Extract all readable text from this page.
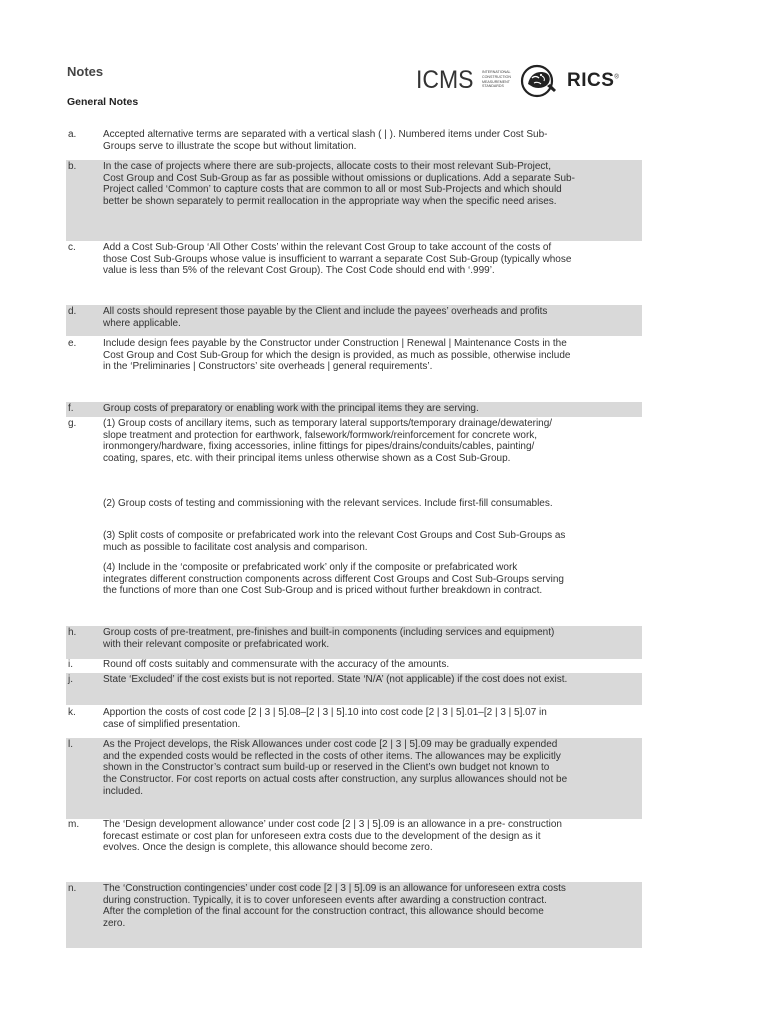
Notes
General Notes
ICMS INTERNATIONAL CONSTRUCTION MEASUREMENT STANDARDS	RICS®
a.	Accepted alternative terms are separated with a vertical slash ( | ). Numbered items under Cost Sub-
Groups serve to illustrate the scope but without limitation.
b.	In the case of projects where there are sub-projects, allocate costs to their most relevant Sub-Project,
Cost Group and Cost Sub-Group as far as possible without omissions or duplications. Add a separate Sub-
Project called ‘Common’ to capture costs that are common to all or most Sub-Projects and which should
better be shown separately to permit reallocation in the appropriate way when the specific need arises.
c.	Add a Cost Sub-Group ‘All Other Costs’ within the relevant Cost Group to take account of the costs of
those Cost Sub-Groups whose value is insufficient to warrant a separate Cost Sub-Group (typically whose
value is less than 5% of the relevant Cost Group). The Cost Code should end with ‘.999’.
d.	All costs should represent those payable by the Client and include the payees’ overheads and profits
where applicable.
e.	Include design fees payable by the Constructor under Construction | Renewal | Maintenance Costs in the
Cost Group and Cost Sub-Group for which the design is provided, as much as possible, otherwise include
in the ‘Preliminaries | Constructors’ site overheads | general requirements’.
f.	Group costs of preparatory or enabling work with the principal items they are serving.
g.	(1) Group costs of ancillary items, such as temporary lateral supports/temporary drainage/dewatering/
slope treatment and protection for earthwork, falsework/formwork/reinforcement for concrete work,
ironmongery/hardware, fixing accessories, inline fittings for pipes/drains/conduits/cables, painting/
coating, spares, etc. with their principal items unless otherwise shown as a Cost Sub-Group.
(2) Group costs of testing and commissioning with the relevant services. Include first-fill consumables.
(3) Split costs of composite or prefabricated work into the relevant Cost Groups and Cost Sub-Groups as
much as possible to facilitate cost analysis and comparison.
(4) Include in the ‘composite or prefabricated work’ only if the composite or prefabricated work
integrates different construction components across different Cost Groups and Cost Sub-Groups serving
the functions of more than one Cost Sub-Group and is priced without further breakdown in contract.
h.	Group costs of pre-treatment, pre-finishes and built-in components (including services and equipment)
with their relevant composite or prefabricated work.
i.	Round off costs suitably and commensurate with the accuracy of the amounts.
j.	State ‘Excluded’ if the cost exists but is not reported. State ‘N/A’ (not applicable) if the cost does not exist.
k.	Apportion the costs of cost code [2 | 3 | 5].08–[2 | 3 | 5].10 into cost code [2 | 3 | 5].01–[2 | 3 | 5].07 in
case of simplified presentation.
l.	As the Project develops, the Risk Allowances under cost code [2 | 3 | 5].09 may be gradually expended
and the expended costs would be reflected in the costs of other items. The allowances may be explicitly
shown in the Constructor’s contract sum build-up or reserved in the Client’s own budget not known to
the Constructor. For cost reports on actual costs after construction, any surplus allowances should not be
included.
m. The ‘Design development allowance’ under cost code [2 | 3 | 5].09 is an allowance in a pre- construction
forecast estimate or cost plan for unforeseen extra costs due to the development of the design as it
evolves. Once the design is complete, this allowance should become zero.
n.	The ‘Construction contingencies’ under cost code [2 | 3 | 5].09 is an allowance for unforeseen extra costs
during construction. Typically, it is to cover unforeseen events after awarding a construction contract.
After the completion of the final account for the construction contract, this allowance should become
zero.
